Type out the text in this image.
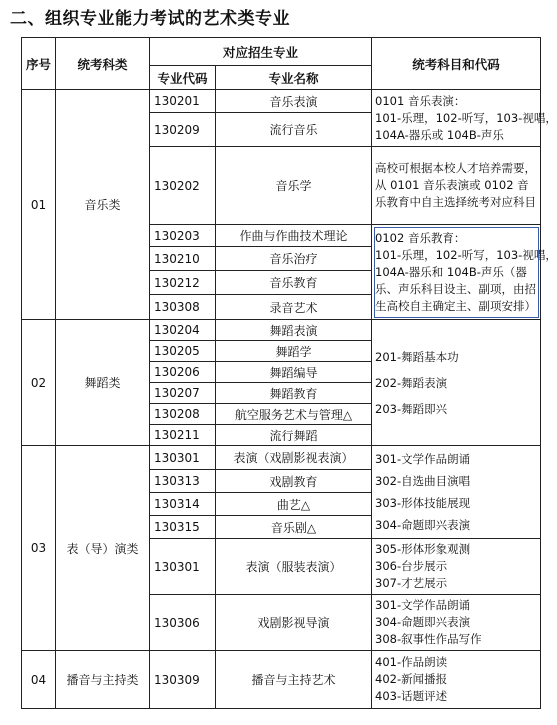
二、组织专业能力考试的艺术类专业
序号	统考科类	对应招生专业		统考科目和代码
		专业代码	专业名称	
01	音乐类	130201	音乐表演	0101 音乐表演：
101-乐理，102-听写，103-视唱，
104A-器乐或 104B-声乐

		130209	流行音乐	
		130202	音乐学	高校可根据本校人才培养需要，从 0101 音乐表演或 0102 音乐教育中自主选择统考对应科目
		130203	作曲与作曲技术理论	0102 音乐教育：
101-乐理，102-听写，103-视唱，
104A-器乐和 104B-声乐（器乐、声乐科目设主、副项，由招生高校自主确定主、副项安排）
		130210	音乐治疗	
		130212	音乐教育	
		130308	录音艺术	
02	舞蹈类	130204	舞蹈表演	201-舞蹈基本功
202-舞蹈表演
203-舞蹈即兴

		130205	舞蹈学	
		130206	舞蹈编导	
		130207	舞蹈教育	
		130208	航空服务艺术与管理△	
		130211	流行舞蹈	
03	表（导）演类	130301	表演（戏剧影视表演）	301-文学作品朗诵
302-自选曲目演唱
303-形体技能展现
304-命题即兴表演

		130313	戏剧教育	
		130314	曲艺△	
		130315	音乐剧△	
		130301	表演（服装表演）	305-形体形象观测
306-台步展示
307-才艺展示

		130306	戏剧影视导演	301-文学作品朗诵
304-命题即兴表演
308-叙事性作品写作

04	播音与主持类	130309	播音与主持艺术	401-作品朗读
402-新闻播报
403-话题评述
